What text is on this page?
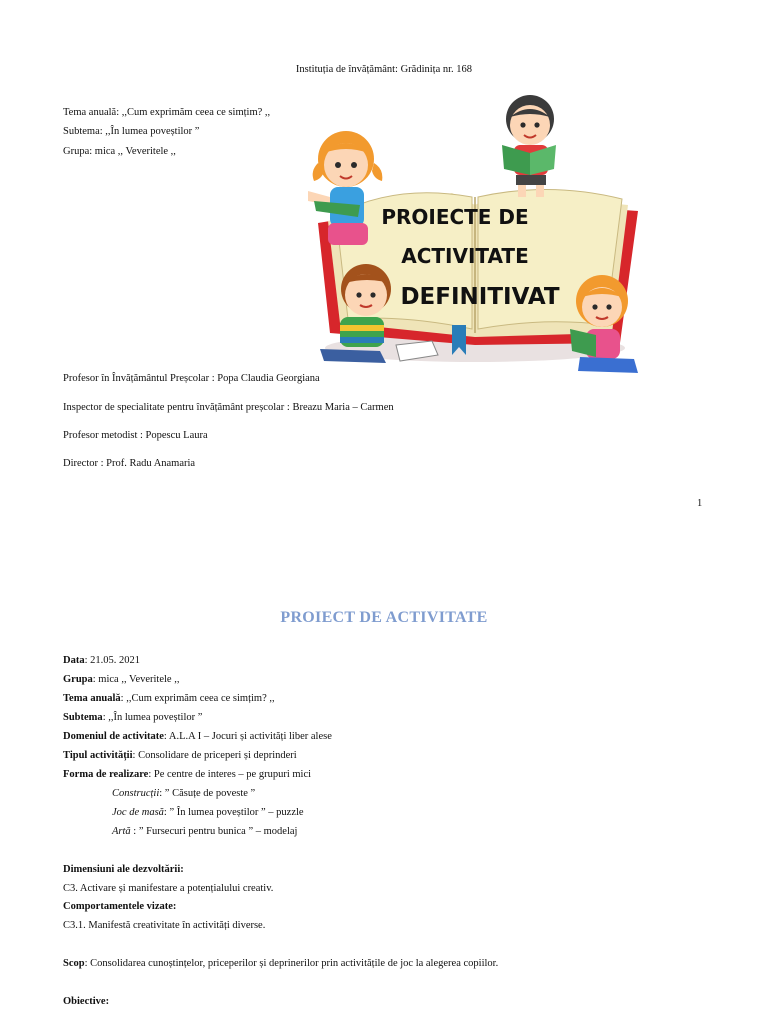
Instituția de învățământ: Grădinița nr. 168
Tema anuală: ,,Cum exprimăm ceea ce simțim? ,,
Subtema: ,,În lumea poveștilor ”
Grupa: mica ,, Veveritele ,,
PROIECTE DE
ACTIVITATE
DEFINITIVAT
Profesor în Învățământul Preșcolar : Popa Claudia Georgiana
Inspector de specialitate pentru învățământ preșcolar : Breazu Maria – Carmen
Profesor metodist : Popescu Laura
Director : Prof. Radu Anamaria
1
PROIECT DE ACTIVITATE
Data: 21.05. 2021
Grupa: mica ,, Veveritele ,,
Tema anuală: ,,Cum exprimăm ceea ce simțim? ,,
Subtema: ,,În lumea poveștilor ”
Domeniul de activitate: A.L.A I – Jocuri și activități liber alese
Tipul activității: Consolidare de priceperi și deprinderi
Forma de realizare: Pe centre de interes – pe grupuri mici
Construcții: ” Căsuțe de poveste ”
Joc de masă: ” În lumea poveștilor ” – puzzle
Artă : ” Fursecuri pentru bunica ” – modelaj
Dimensiuni ale dezvoltării:
C3. Activare și manifestare a potențialului creativ.
Comportamentele vizate:
C3.1. Manifestă creativitate în activități diverse.
Scop: Consolidarea cunoștințelor, priceperilor și deprinerilor prin activitățile de joc la alegerea copiilor.
Obiective:
